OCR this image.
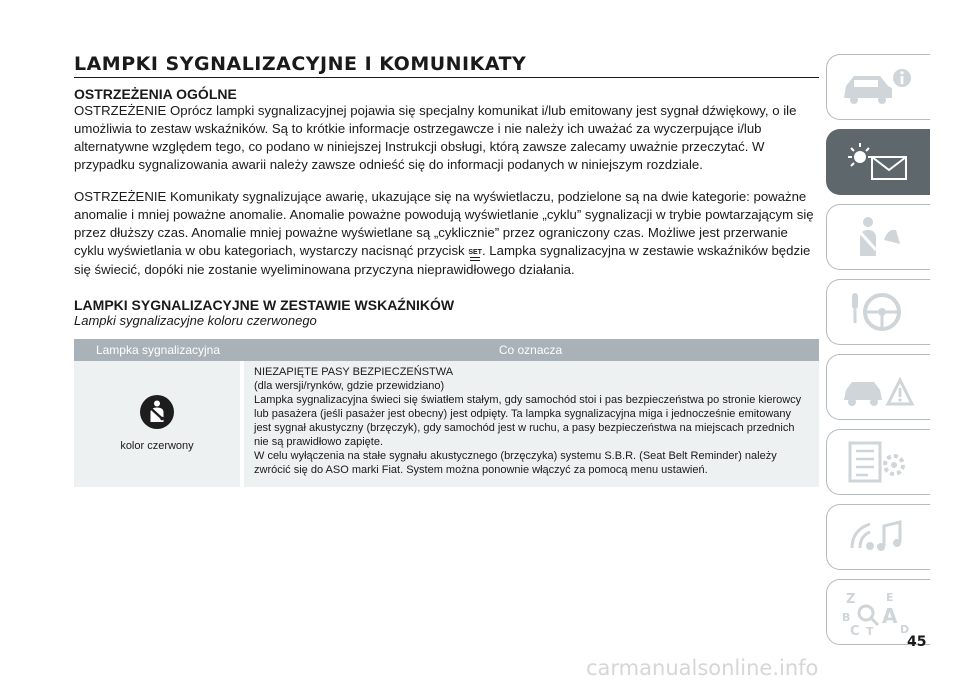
LAMPKI SYGNALIZACYJNE I KOMUNIKATY
OSTRZEŻENIA OGÓLNE

OSTRZEŻENIE Oprócz lampki sygnalizacyjnej pojawia się specjalny komunikat i/lub emitowany jest sygnał dźwiękowy, o ile umożliwia to zestaw wskaźników. Są to krótkie informacje ostrzegawcze i nie należy ich uważać za wyczerpujące i/lub alternatywne względem tego, co podano w niniejszej Instrukcji obsługi, którą zawsze zalecamy uważnie przeczytać. W przypadku sygnalizowania awarii należy zawsze odnieść się do informacji podanych w niniejszym rozdziale.

OSTRZEŻENIE Komunikaty sygnalizujące awarię, ukazujące się na wyświetlaczu, podzielone są na dwie kategorie: poważne anomalie i mniej poważne anomalie. Anomalie poważne powodują wyświetlanie „cyklu” sygnalizacji w trybie powtarzającym się przez dłuższy czas. Anomalie mniej poważne wyświetlane są „cyklicznie” przez ograniczony czas. Możliwe jest przerwanie cyklu wyświetlania w obu kategoriach, wystarczy nacisnąć przycisk SET
. Lampka sygnalizacyjna w zestawie wskaźników będzie się świecić, dopóki nie zostanie wyeliminowana przyczyna nieprawidłowego działania.

LAMPKI SYGNALIZACYJNE W ZESTAWIE WSKAŹNIKÓW

Lampki sygnalizacyjne koloru czerwonego

Lampka sygnalizacyjna	Co oznacza

kolor czerwony	NIEZAPIĘTE PASY BEZPIECZEŃSTWA
(dla wersji/rynków, gdzie przewidziano)
Lampka sygnalizacyjna świeci się światłem stałym, gdy samochód stoi i pas bezpieczeństwa po stronie kierowcy lub pasażera (jeśli pasażer jest obecny) jest odpięty. Ta lampka sygnalizacyjna miga i jednocześnie emitowany jest sygnał akustyczny (brzęczyk), gdy samochód jest w ruchu, a pasy bezpieczeństwa na miejscach przednich nie są prawidłowo zapięte.
W celu wyłączenia na stałe sygnału akustycznego (brzęczyka) systemu S.B.R. (Seat Belt Reminder) należy zwrócić się do ASO marki Fiat. System można ponownie włączyć za pomocą menu ustawień.
Z	E
B A
C T D
45
carmanualsonline.info
